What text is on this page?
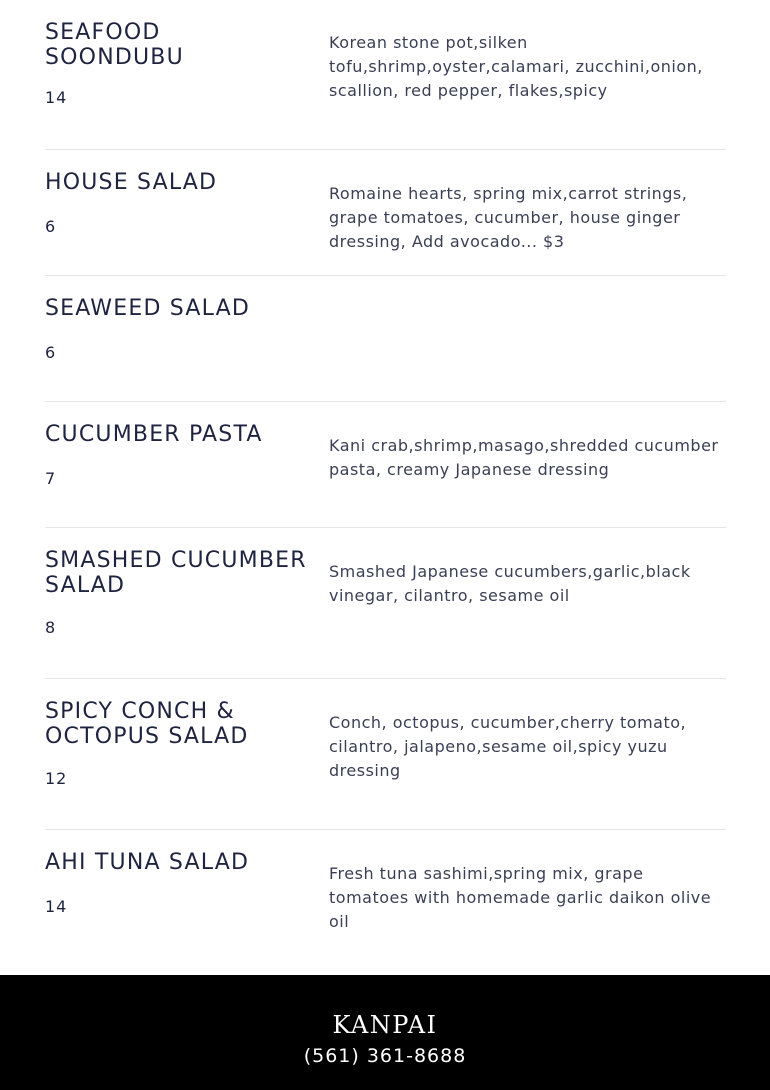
SEAFOOD SOONDUBU
14

Korean stone pot,silken tofu,shrimp,oyster,calamari, zucchini,onion, scallion, red pepper, flakes,spicy

HOUSE SALAD
6

Romaine hearts, spring mix,carrot strings, grape tomatoes, cucumber, house ginger dressing, Add avocado... $3

SEAWEED SALAD
6

CUCUMBER PASTA
7

Kani crab,shrimp,masago,shredded cucumber pasta, creamy Japanese dressing

SMASHED CUCUMBER SALAD
8

Smashed Japanese cucumbers,garlic,black vinegar, cilantro, sesame oil

SPICY CONCH & OCTOPUS SALAD
12

Conch, octopus, cucumber,cherry tomato, cilantro, jalapeno,sesame oil,spicy yuzu dressing

AHI TUNA SALAD
14

Fresh tuna sashimi,spring mix, grape tomatoes with homemade garlic daikon olive oil

KANPAI
(561) 361-8688
